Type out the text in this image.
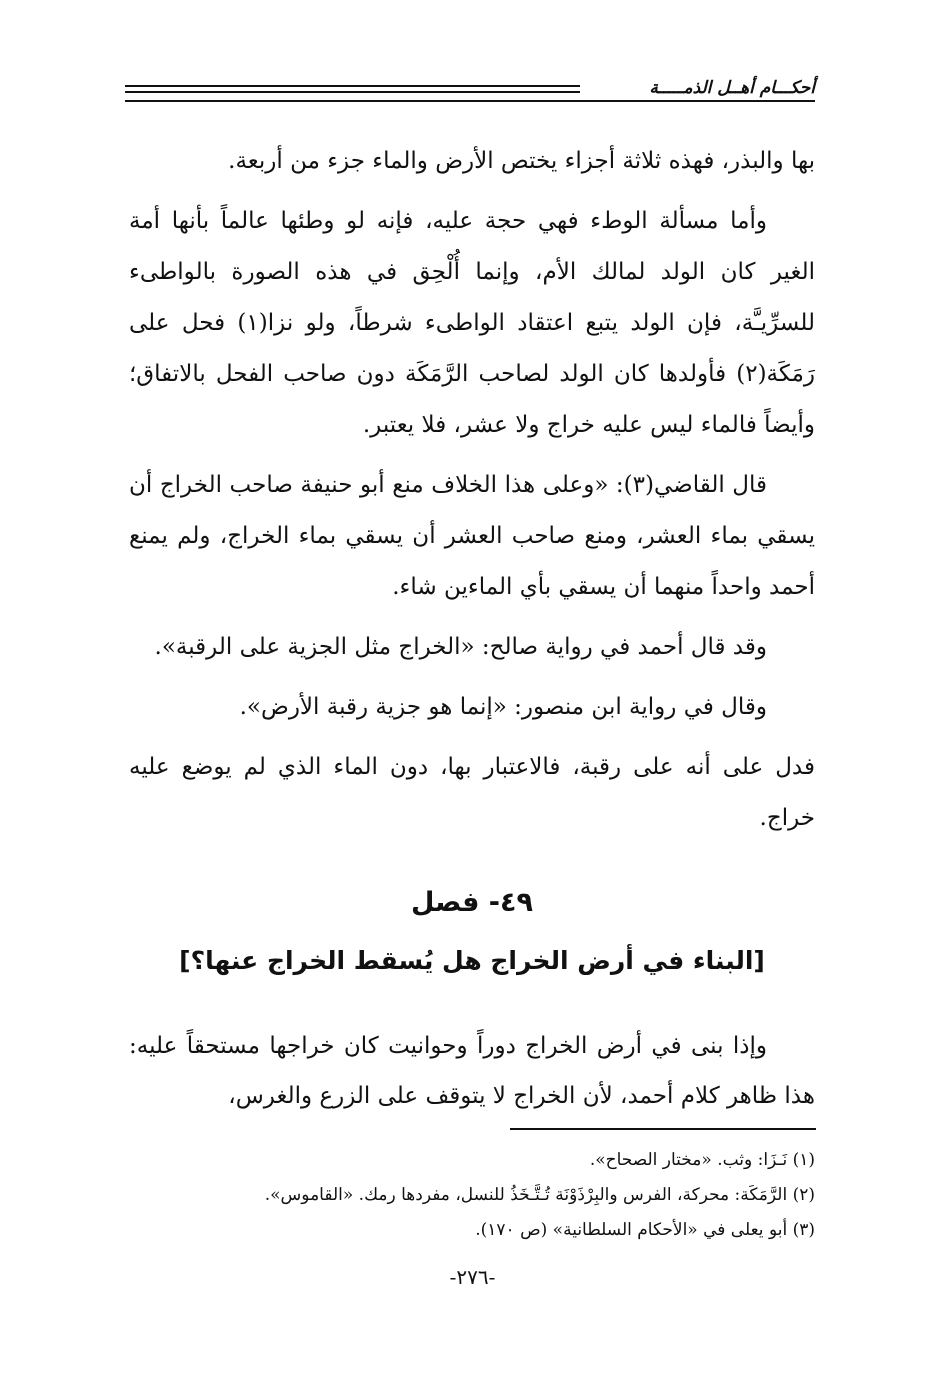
أحكـــام أهــل الذمـــــة

بها والبذر، فهذه ثلاثة أجزاء يختص الأرض والماء جزء من أربعة.

وأما مسألة الوطء فهي حجة عليه، فإنه لو وطئها عالماً بأنها أمة الغير كان الولد لمالك الأم، وإنما أُلْحِق في هذه الصورة بالواطىء للسرِّيـَّة، فإن الولد يتبع اعتقاد الواطىء شرطاً، ولو نزا(١) فحل على رَمَكَة(٢) فأولدها كان الولد لصاحب الرَّمَكَة دون صاحب الفحل بالاتفاق؛ وأيضاً فالماء ليس عليه خراج ولا عشر، فلا يعتبر.

قال القاضي(٣): «وعلى هذا الخلاف منع أبو حنيفة صاحب الخراج أن يسقي بماء العشر، ومنع صاحب العشر أن يسقي بماء الخراج، ولم يمنع أحمد واحداً منهما أن يسقي بأي الماءين شاء.

وقد قال أحمد في رواية صالح: «الخراج مثل الجزية على الرقبة».

وقال في رواية ابن منصور: «إنما هو جزية رقبة الأرض».

فدل على أنه على رقبة، فالاعتبار بها، دون الماء الذي لم يوضع عليه خراج.

٤٩- فصل
[البناء في أرض الخراج هل يُسقط الخراج عنها؟]

وإذا بنى في أرض الخراج دوراً وحوانيت كان خراجها مستحقاً عليه: هذا ظاهر كلام أحمد، لأن الخراج لا يتوقف على الزرع والغرس،

(١) نَـزَا: وثب. «مختار الصحاح».

(٢) الرَّمَكَة: محركة، الفرس والبِرْذَوْنَة تُـتَّـخَذُ للنسل، مفردها رمك. «القاموس».

(٣) أبو يعلى في «الأحكام السلطانية» (ص ١٧٠).

-٢٧٦-
